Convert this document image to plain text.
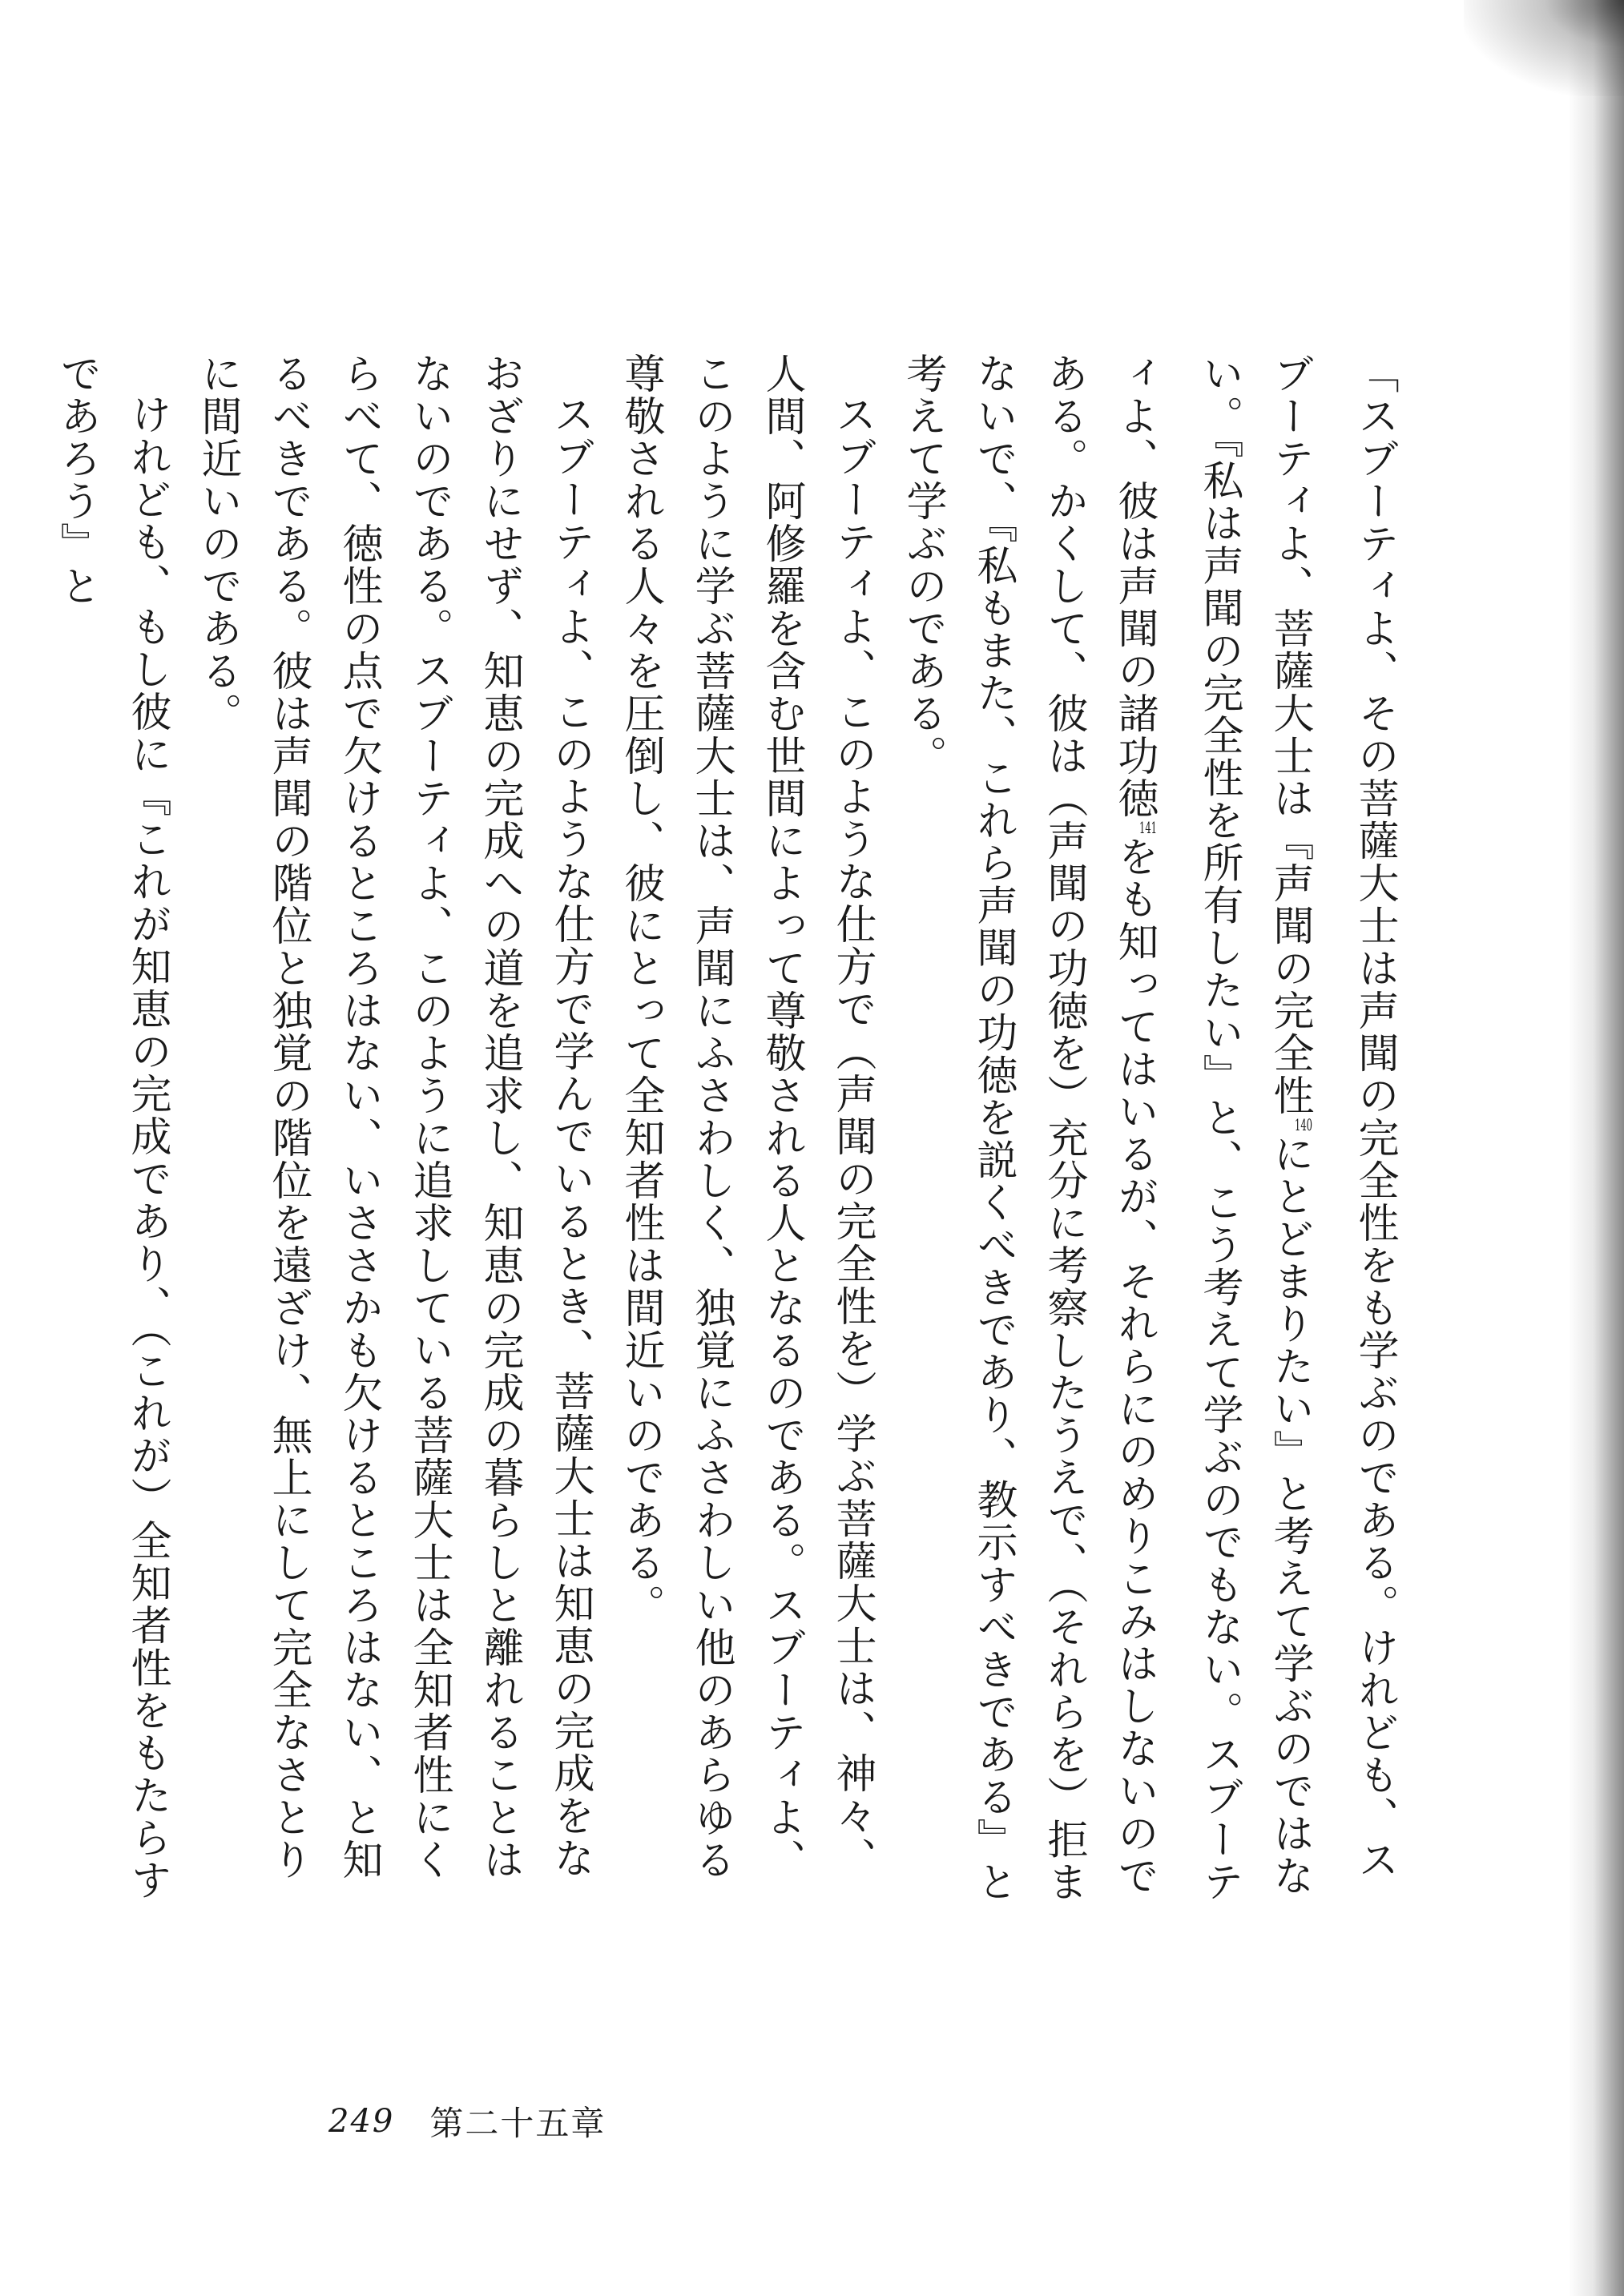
「スブーティよ、その菩薩大士は声聞の完全性をも学ぶのである。けれども、スブーティよ、菩薩大士は『声聞の完全性$^{140}$にとどまりたい』と考えて学ぶのではない。『私は声聞の完全性を所有したい』と、こう考えて学ぶのでもない。スブーティよ、彼は声聞の諸功徳$^{141}$をも知ってはいるが、それらにのめりこみはしないのである。かくして、彼は（声聞の功徳を）充分に考察したうえで、（それらを）拒まないで、『私もまた、これら声聞の功徳を説くべきであり、教示すべきである』と考えて学ぶのである。

スブーティよ、このような仕方で（声聞の完全性を）学ぶ菩薩大士は、神々、人間、阿修羅を含む世間によって尊敬される人となるのである。スブーティよ、このように学ぶ菩薩大士は、声聞にふさわしく、独覚にふさわしい他のあらゆる尊敬される人々を圧倒し、彼にとって全知者性は間近いのである。

スブーティよ、このような仕方で学んでいるとき、菩薩大士は知恵の完成をなおざりにせず、知恵の完成への道を追求し、知恵の完成の暮らしと離れることはないのである。スブーティよ、このように追求している菩薩大士は全知者性にくらべて、徳性の点で欠けるところはない、いささかも欠けるところはない、と知るべきである。彼は声聞の階位と独覚の階位を遠ざけ、無上にして完全なさとりに間近いのである。

けれども、もし彼に『これが知恵の完成であり、（これが）全知者性をもたらすであろう』と

249 第二十五章
